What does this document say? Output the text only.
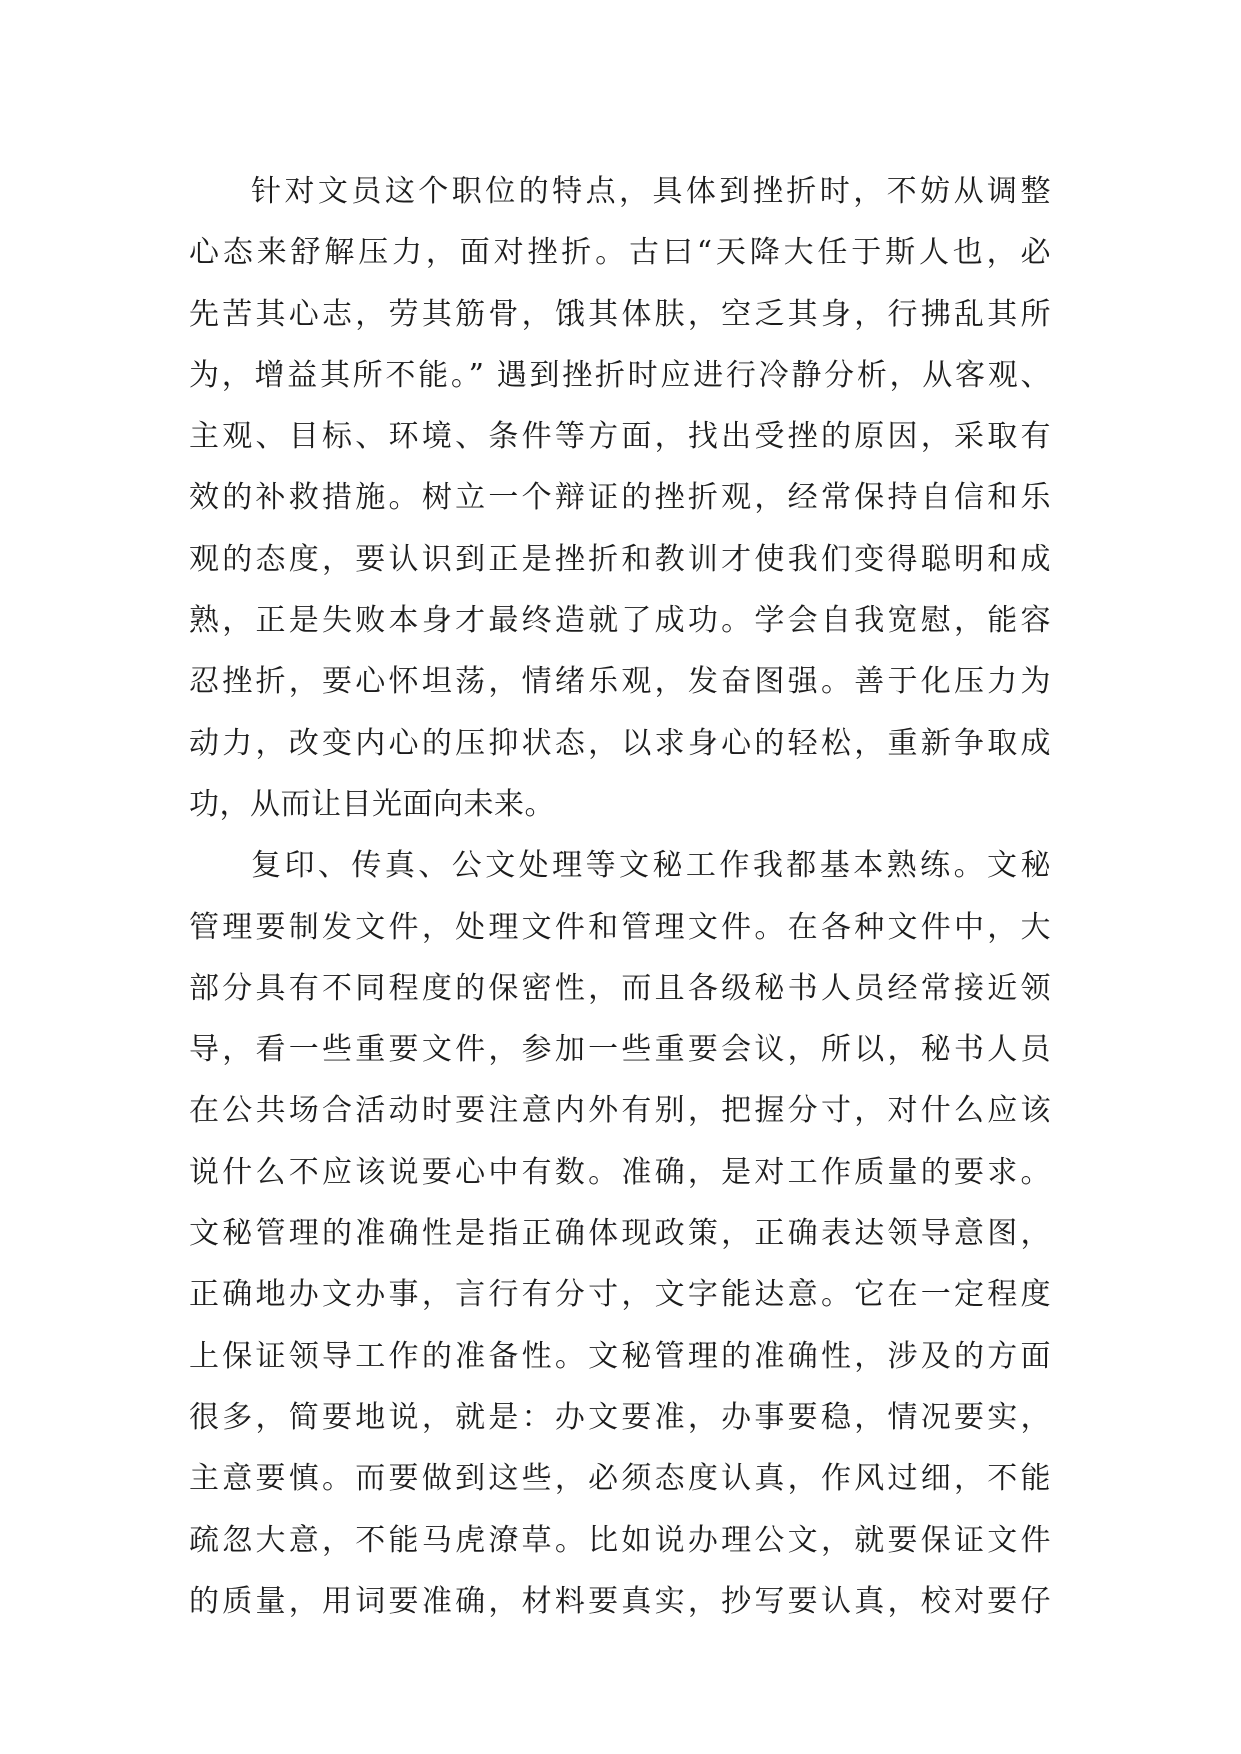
针对文员这个职位的特点，具体到挫折时，不妨从调整
心态来舒解压力，面对挫折。古曰“天降大任于斯人也，必
先苦其心志，劳其筋骨，饿其体肤，空乏其身，行拂乱其所
为，增益其所不能。” 遇到挫折时应进行冷静分析，从客观、
主观、目标、环境、条件等方面，找出受挫的原因，采取有
效的补救措施。树立一个辩证的挫折观，经常保持自信和乐
观的态度，要认识到正是挫折和教训才使我们变得聪明和成
熟，正是失败本身才最终造就了成功。学会自我宽慰，能容
忍挫折，要心怀坦荡，情绪乐观，发奋图强。善于化压力为
动力，改变内心的压抑状态，以求身心的轻松，重新争取成
功，从而让目光面向未来。
复印、传真、公文处理等文秘工作我都基本熟练。文秘
管理要制发文件，处理文件和管理文件。在各种文件中，大
部分具有不同程度的保密性，而且各级秘书人员经常接近领
导，看一些重要文件，参加一些重要会议，所以，秘书人员
在公共场合活动时要注意内外有别，把握分寸，对什么应该
说什么不应该说要心中有数。准确，是对工作质量的要求。
文秘管理的准确性是指正确体现政策，正确表达领导意图，
正确地办文办事，言行有分寸，文字能达意。它在一定程度
上保证领导工作的准备性。文秘管理的准确性，涉及的方面
很多，简要地说，就是：办文要准，办事要稳，情况要实，
主意要慎。而要做到这些，必须态度认真，作风过细，不能
疏忽大意，不能马虎潦草。比如说办理公文，就要保证文件
的质量，用词要准确，材料要真实，抄写要认真，校对要仔
